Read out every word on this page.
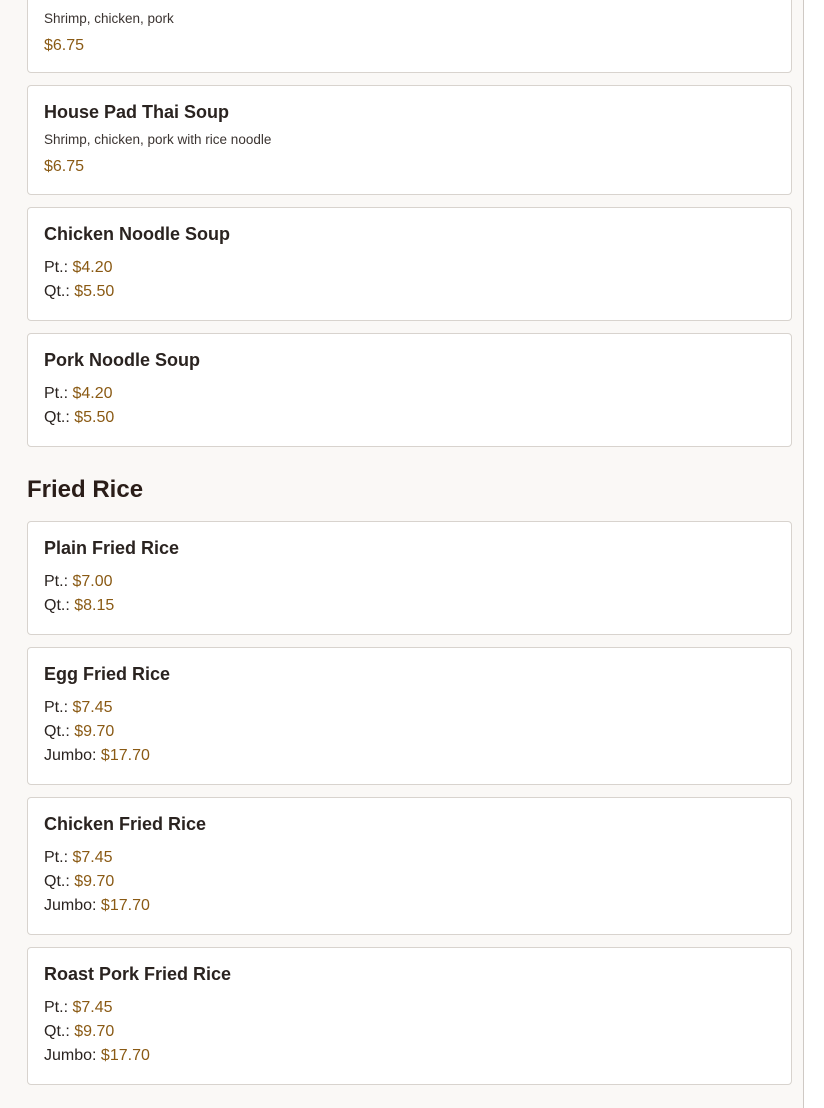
Shrimp, chicken, pork
$6.75
House Pad Thai Soup
Shrimp, chicken, pork with rice noodle
$6.75
Chicken Noodle Soup
Pt.: $4.20
Qt.: $5.50
Pork Noodle Soup
Pt.: $4.20
Qt.: $5.50
Fried Rice
Plain Fried Rice
Pt.: $7.00
Qt.: $8.15
Egg Fried Rice
Pt.: $7.45
Qt.: $9.70
Jumbo: $17.70
Chicken Fried Rice
Pt.: $7.45
Qt.: $9.70
Jumbo: $17.70
Roast Pork Fried Rice
Pt.: $7.45
Qt.: $9.70
Jumbo: $17.70
